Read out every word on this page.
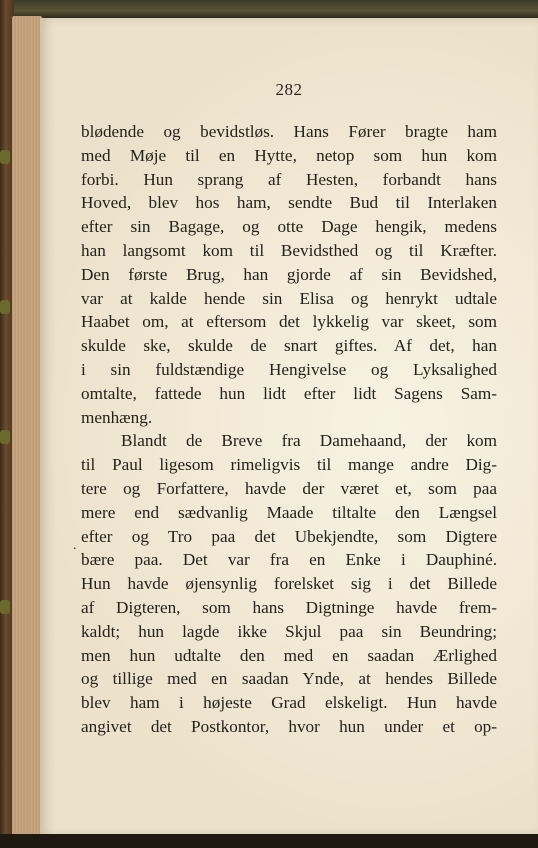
282
.
blødende og bevidstløs. Hans Fører bragte ham
med Møje til en Hytte, netop som hun kom
forbi. Hun sprang af Hesten, forbandt hans
Hoved, blev hos ham, sendte Bud til Interlaken
efter sin Bagage, og otte Dage hengik, medens
han langsomt kom til Bevidsthed og til Kræfter.
Den første Brug, han gjorde af sin Bevidshed,
var at kalde hende sin Elisa og henrykt udtale
Haabet om, at eftersom det lykkelig var skeet, som
skulde ske, skulde de snart giftes. Af det, han
i sin fuldstændige Hengivelse og Lyksalighed
omtalte, fattede hun lidt efter lidt Sagens Sam-
menhæng.
Blandt de Breve fra Damehaand, der kom
til Paul ligesom rimeligvis til mange andre Dig-
tere og Forfattere, havde der været et, som paa
mere end sædvanlig Maade tiltalte den Længsel
efter og Tro paa det Ubekjendte, som Digtere
bære paa. Det var fra en Enke i Dauphiné.
Hun havde øjensynlig forelsket sig i det Billede
af Digteren, som hans Digtninge havde frem-
kaldt; hun lagde ikke Skjul paa sin Beundring;
men hun udtalte den med en saadan Ærlighed
og tillige med en saadan Ynde, at hendes Billede
blev ham i højeste Grad elskeligt. Hun havde
angivet det Postkontor, hvor hun under et op-
